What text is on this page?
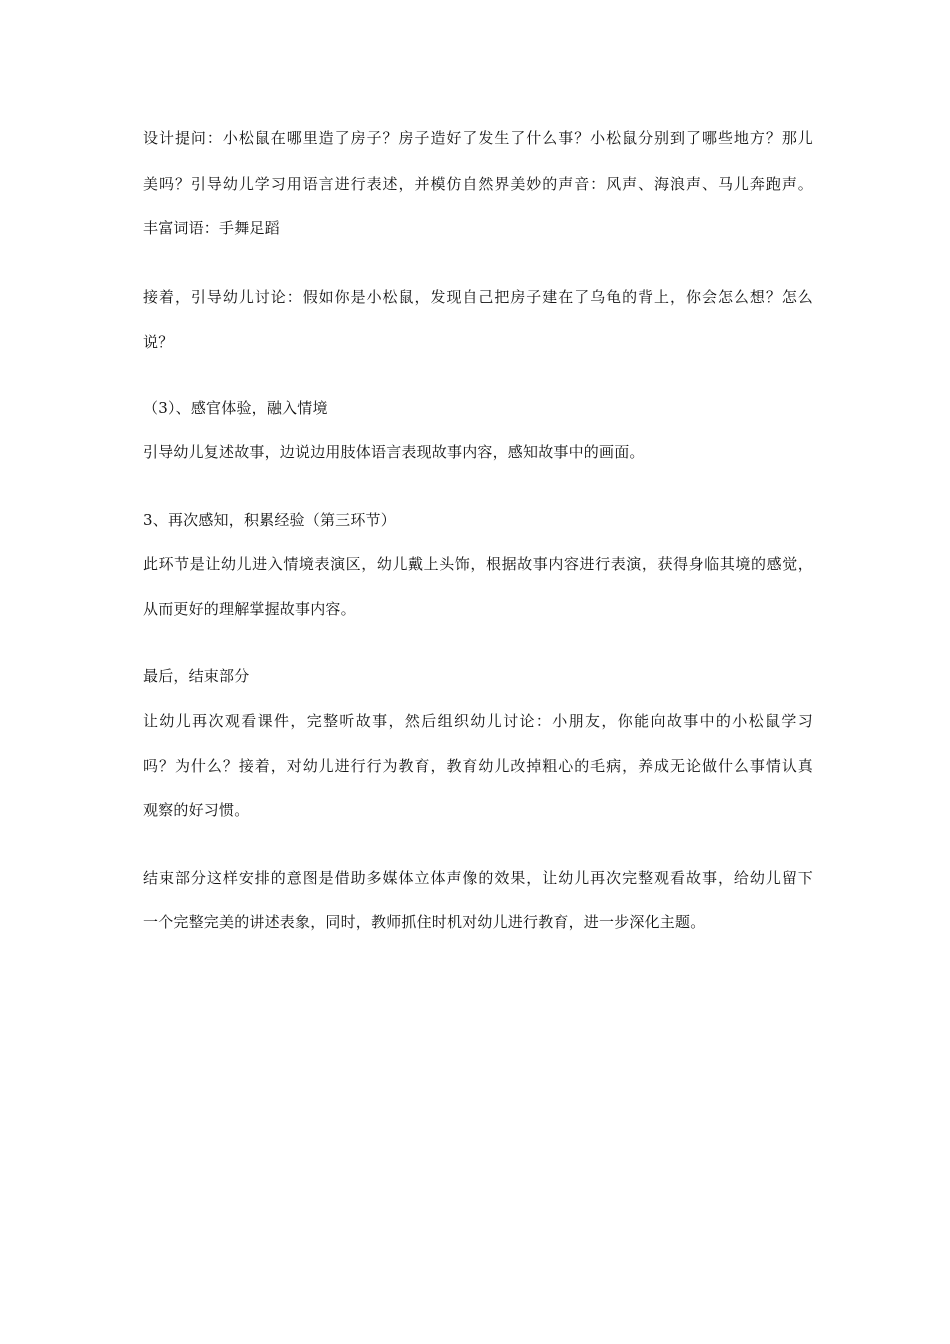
设计提问：小松鼠在哪里造了房子？房子造好了发生了什么事？小松鼠分别到了哪些地方？那儿
美吗？引导幼儿学习用语言进行表述，并模仿自然界美妙的声音：风声、海浪声、马儿奔跑声。
丰富词语：手舞足蹈
接着，引导幼儿讨论：假如你是小松鼠，发现自己把房子建在了乌龟的背上，你会怎么想？怎么
说？
（3）、感官体验，融入情境
引导幼儿复述故事，边说边用肢体语言表现故事内容，感知故事中的画面。
3、再次感知，积累经验（第三环节）
此环节是让幼儿进入情境表演区，幼儿戴上头饰，根据故事内容进行表演，获得身临其境的感觉，
从而更好的理解掌握故事内容。
最后，结束部分
让幼儿再次观看课件，完整听故事，然后组织幼儿讨论：小朋友，你能向故事中的小松鼠学习
吗？为什么？接着，对幼儿进行行为教育，教育幼儿改掉粗心的毛病，养成无论做什么事情认真
观察的好习惯。
结束部分这样安排的意图是借助多媒体立体声像的效果，让幼儿再次完整观看故事，给幼儿留下
一个完整完美的讲述表象，同时，教师抓住时机对幼儿进行教育，进一步深化主题。
